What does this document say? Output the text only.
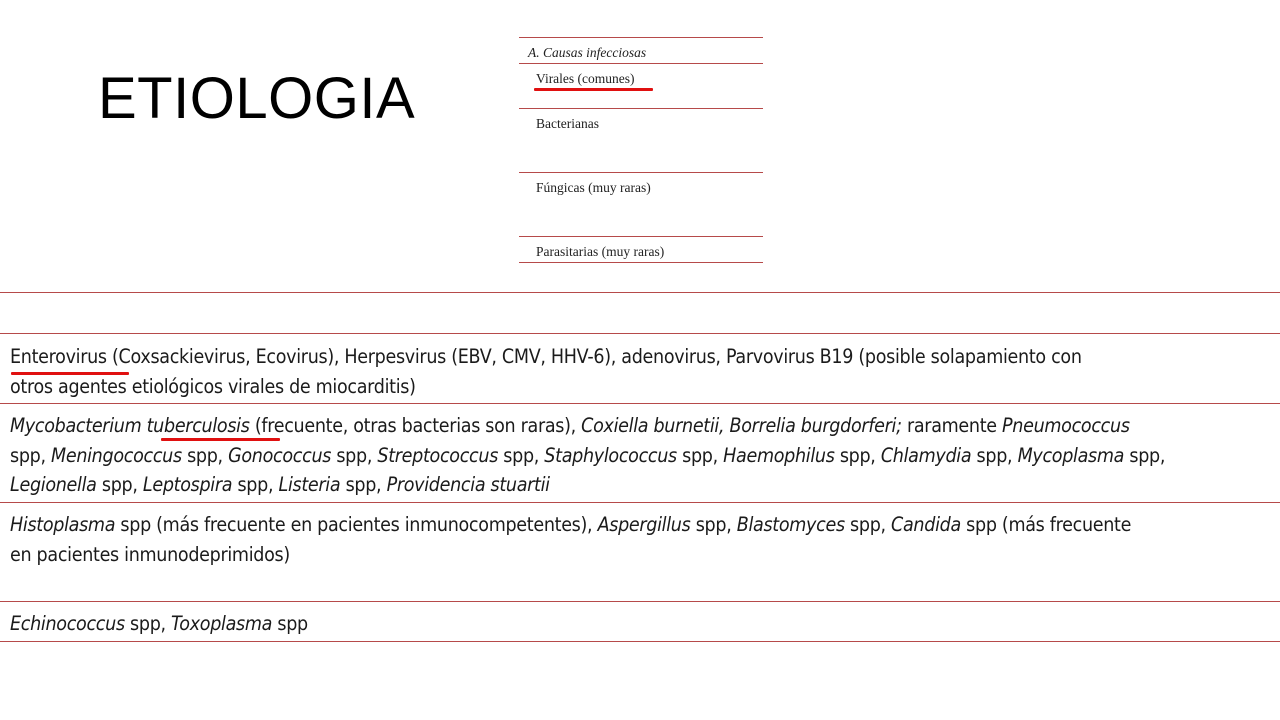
ETIOLOGIA
A. Causas infecciosas
Virales (comunes)
Bacterianas
Fúngicas (muy raras)
Parasitarias (muy raras)
Enterovirus (Coxsackievirus, Ecovirus), Herpesvirus (EBV, CMV, HHV-6), adenovirus, Parvovirus B19 (posible solapamiento con
otros agentes etiológicos virales de miocarditis)
Mycobacterium tuberculosis (frecuente, otras bacterias son raras), Coxiella burnetii, Borrelia burgdorferi; raramente Pneumococcus
spp, Meningococcus spp, Gonococcus spp, Streptococcus spp, Staphylococcus spp, Haemophilus spp, Chlamydia spp, Mycoplasma spp,
Legionella spp, Leptospira spp, Listeria spp, Providencia stuartii
Histoplasma spp (más frecuente en pacientes inmunocompetentes), Aspergillus spp, Blastomyces spp, Candida spp (más frecuente
en pacientes inmunodeprimidos)
Echinococcus spp, Toxoplasma spp
